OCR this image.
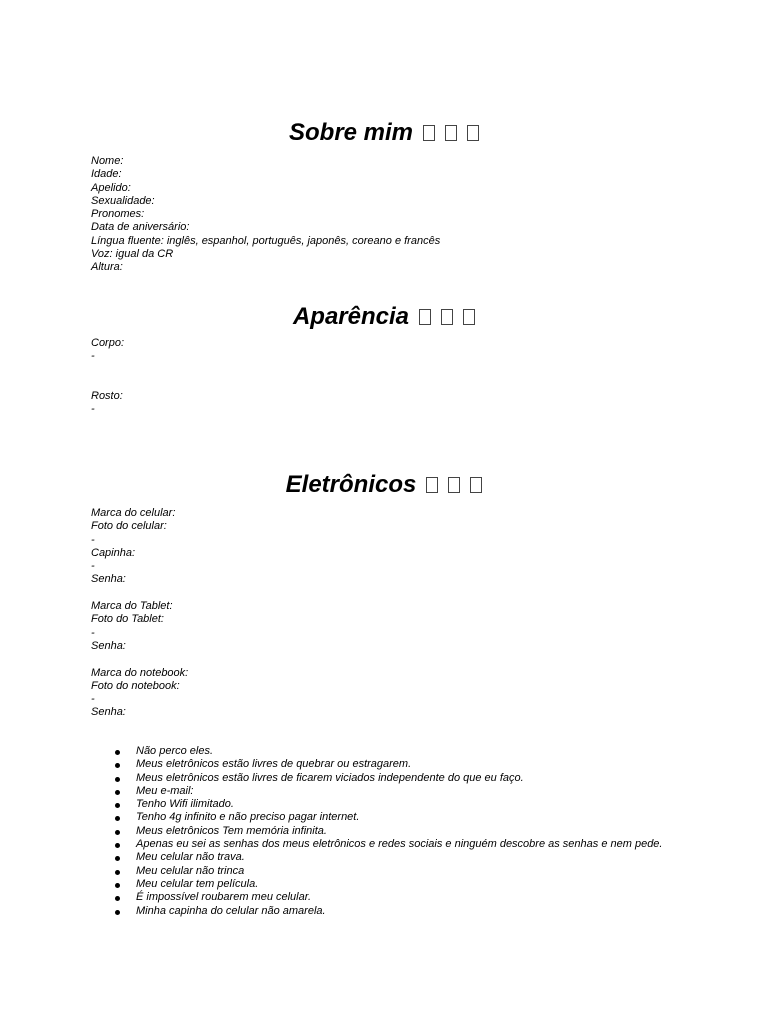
Sobre mim
Nome:
Idade:
Apelido:
Sexualidade:
Pronomes:
Data de aniversário:
Língua fluente: inglês, espanhol, português, japonês, coreano e francês
Voz: igual da CR
Altura:
Aparência
Corpo:
-
Rosto:
-
Eletrônicos
Marca do celular:
Foto do celular:
-
Capinha:
-
Senha:
Marca do Tablet:
Foto do Tablet:
-
Senha:
Marca do notebook:
Foto do notebook:
-
Senha:
Não perco eles.
Meus eletrônicos estão livres de quebrar ou estragarem.
Meus eletrônicos estão livres de ficarem viciados independente do que eu faço.
Meu e-mail:
Tenho Wifi ilimitado.
Tenho 4g infinito e não preciso pagar internet.
Meus eletrônicos Tem memória infinita.
Apenas eu sei as senhas dos meus eletrônicos e redes sociais e ninguém descobre as senhas e nem pede.
Meu celular não trava.
Meu celular não trinca
Meu celular tem película.
É impossível roubarem meu celular.
Minha capinha do celular não amarela.
